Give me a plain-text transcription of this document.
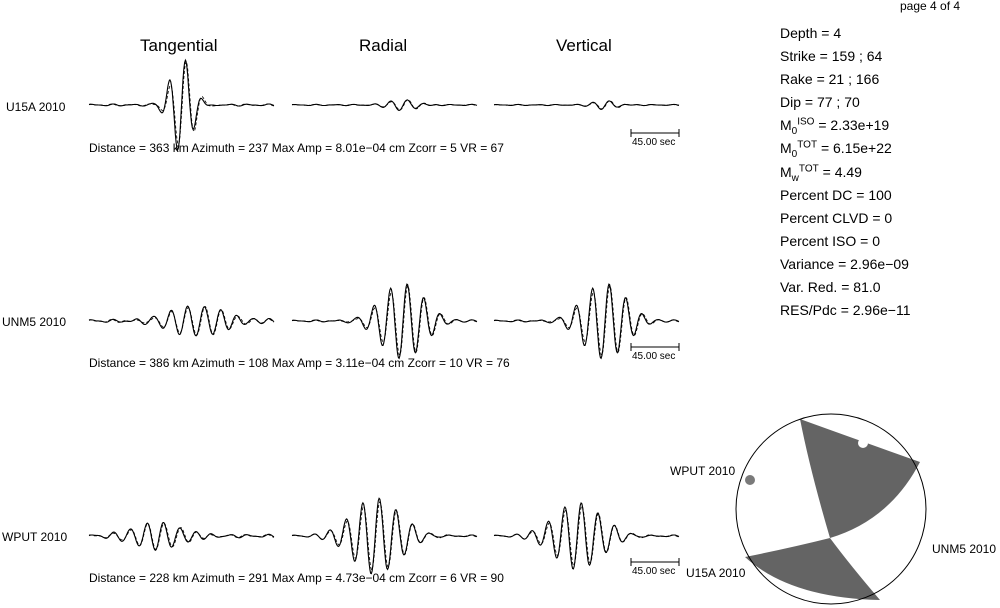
page 4 of 4
Tangential	Radial	Vertical
U15A 2010
UNM5 2010
WPUT 2010
Distance = 363 km Azimuth = 237 Max Amp = 8.01e−04 cm Zcorr = 5 VR = 67
Distance = 386 km Azimuth = 108 Max Amp = 3.11e−04 cm Zcorr = 10 VR = 76
Distance = 228 km Azimuth = 291 Max Amp = 4.73e−04 cm Zcorr = 6 VR = 90
45.00 sec
45.00 sec
45.00 sec
Depth = 4
Strike = 159 ; 64
Rake = 21 ; 166
Dip = 77 ; 70
$M_0^{ISO} = 2.33e+19$
$M_0^{TOT} = 6.15e+22$
$M_w^{TOT} = 4.49$
Percent DC = 100
Percent CLVD = 0
Percent ISO = 0
Variance = 2.96e−09
Var. Red. = 81.0
RES/Pdc = 2.96e−11
WPUT 2010
UNM5 2010
U15A 2010
